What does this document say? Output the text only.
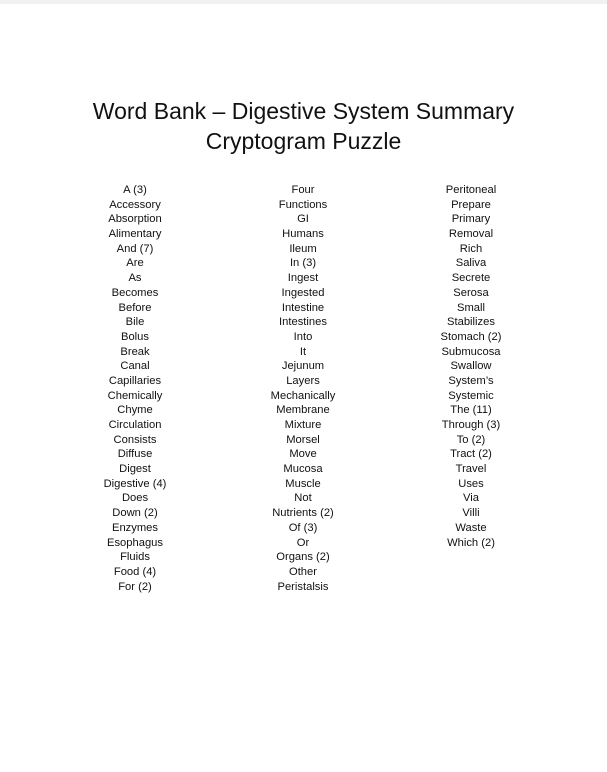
Word Bank – Digestive System Summary
Cryptogram Puzzle
A (3)
Accessory
Absorption
Alimentary
And (7)
Are
As
Becomes
Before
Bile
Bolus
Break
Canal
Capillaries
Chemically
Chyme
Circulation
Consists
Diffuse
Digest
Digestive (4)
Does
Down (2)
Enzymes
Esophagus
Fluids
Food (4)
For (2)
Four
Functions
GI
Humans
Ileum
In (3)
Ingest
Ingested
Intestine
Intestines
Into
It
Jejunum
Layers
Mechanically
Membrane
Mixture
Morsel
Move
Mucosa
Muscle
Not
Nutrients (2)
Of (3)
Or
Organs (2)
Other
Peristalsis
Peritoneal
Prepare
Primary
Removal
Rich
Saliva
Secrete
Serosa
Small
Stabilizes
Stomach (2)
Submucosa
Swallow
System’s
Systemic
The (11)
Through (3)
To (2)
Tract (2)
Travel
Uses
Via
Villi
Waste
Which (2)
